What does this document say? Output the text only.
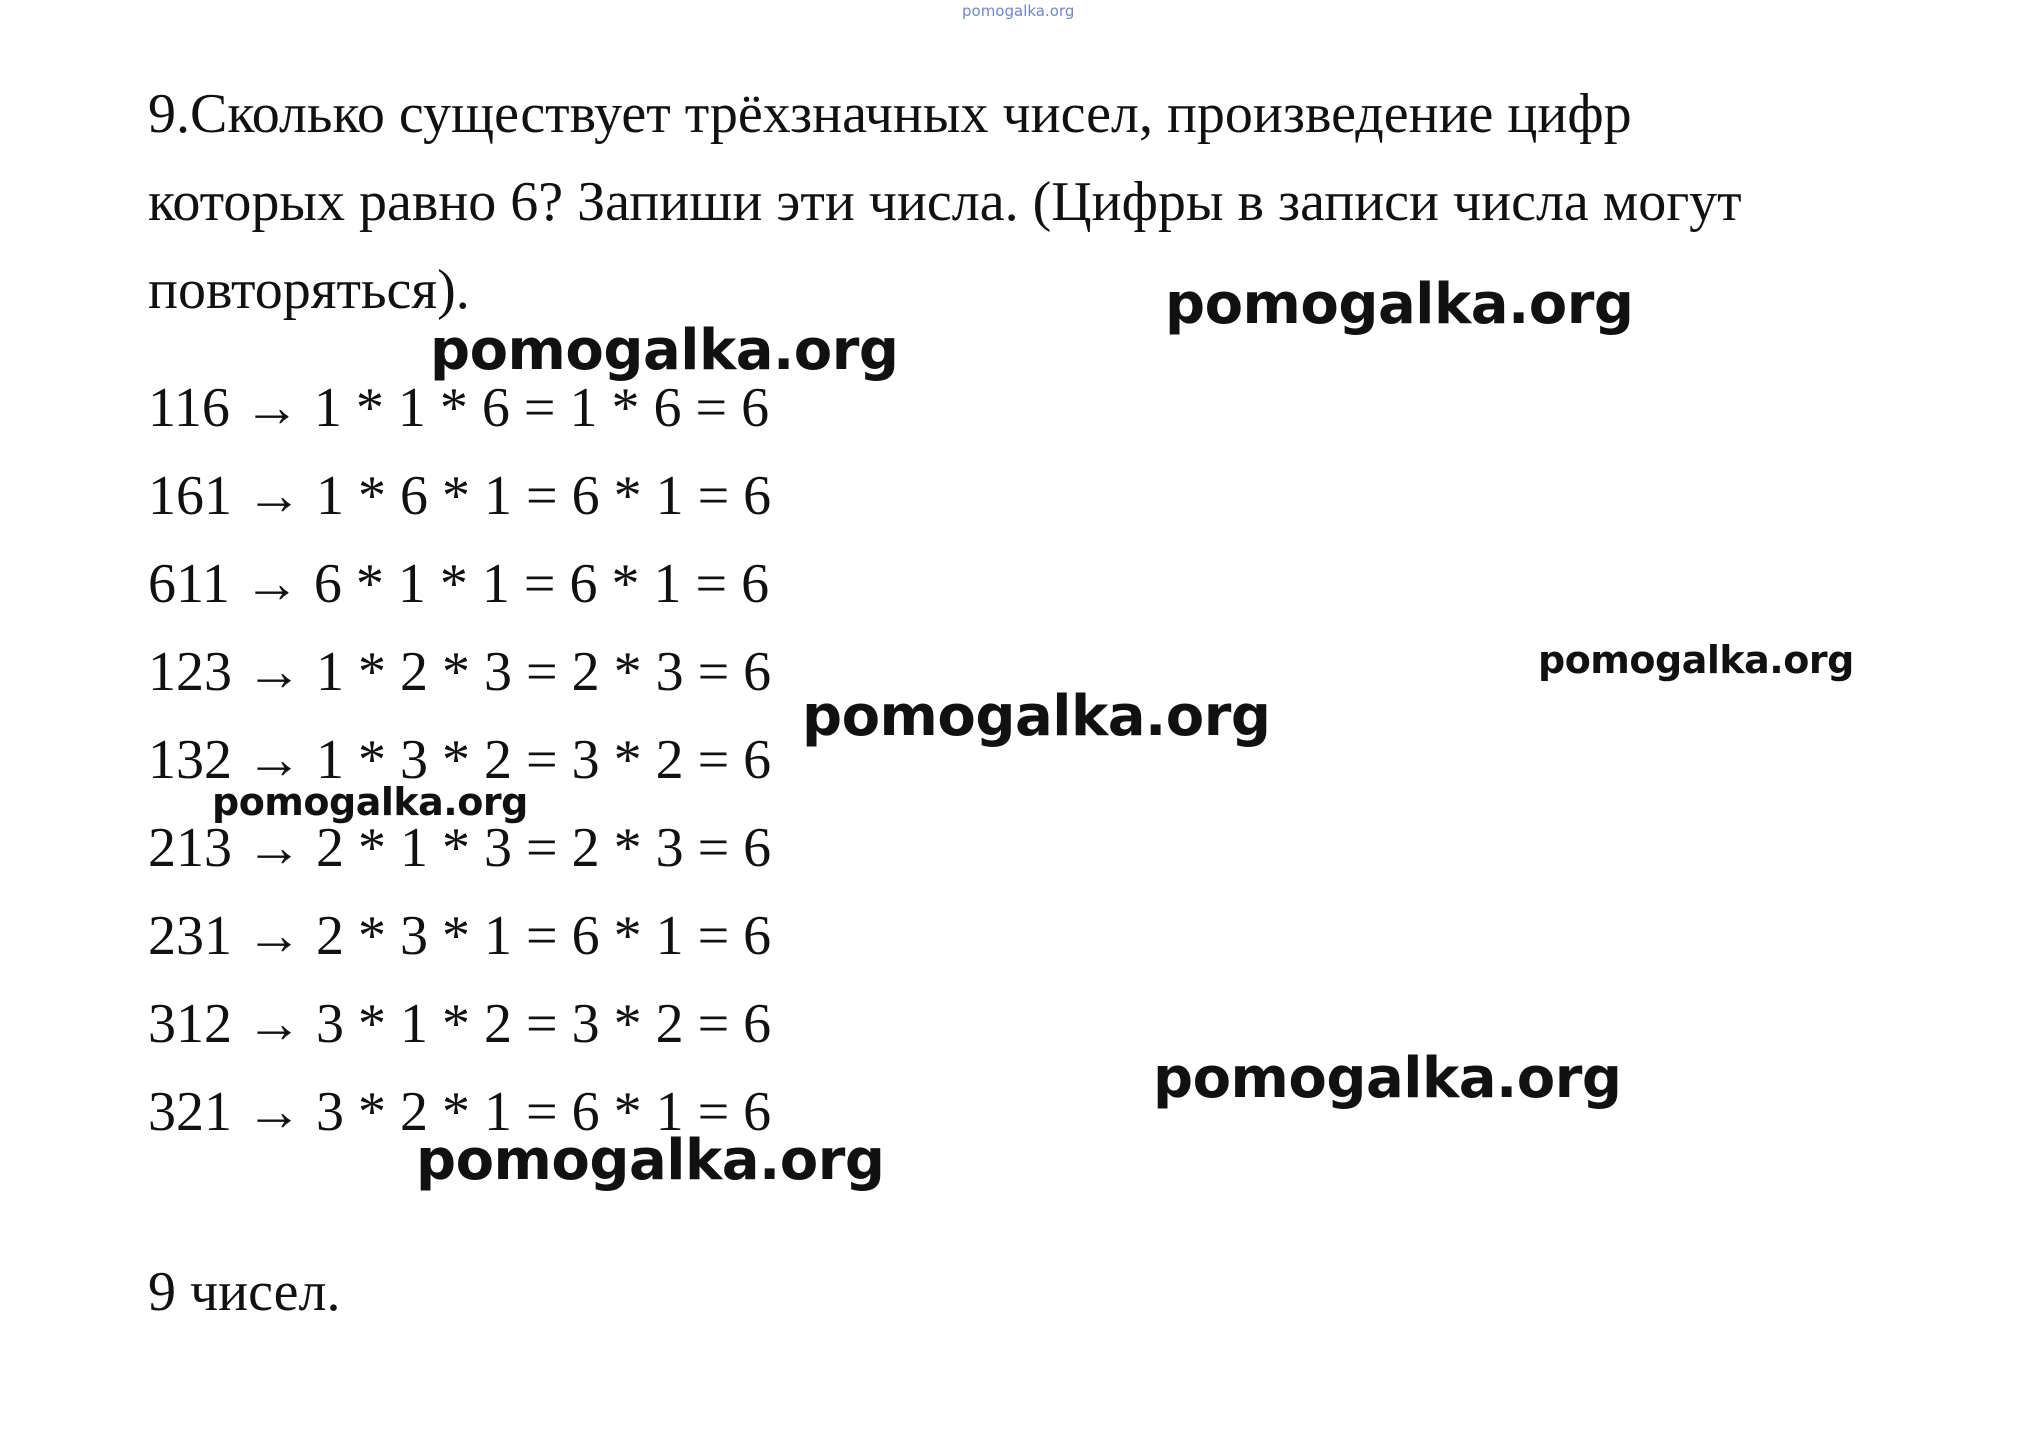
pomogalka.org
9.Сколько существует трёхзначных чисел, произведение цифр
которых равно 6? Запиши эти числа. (Цифры в записи числа могут
повторяться).
116 → 1 * 1 * 6 = 1 * 6 = 6
161 → 1 * 6 * 1 = 6 * 1 = 6
611 → 6 * 1 * 1 = 6 * 1 = 6
123 → 1 * 2 * 3 = 2 * 3 = 6
132 → 1 * 3 * 2 = 3 * 2 = 6
213 → 2 * 1 * 3 = 2 * 3 = 6
231 → 2 * 3 * 1 = 6 * 1 = 6
312 → 3 * 1 * 2 = 3 * 2 = 6
321 → 3 * 2 * 1 = 6 * 1 = 6
9 чисел.
pomogalka.org
pomogalka.org
pomogalka.org
pomogalka.org
pomogalka.org
pomogalka.org
pomogalka.org
